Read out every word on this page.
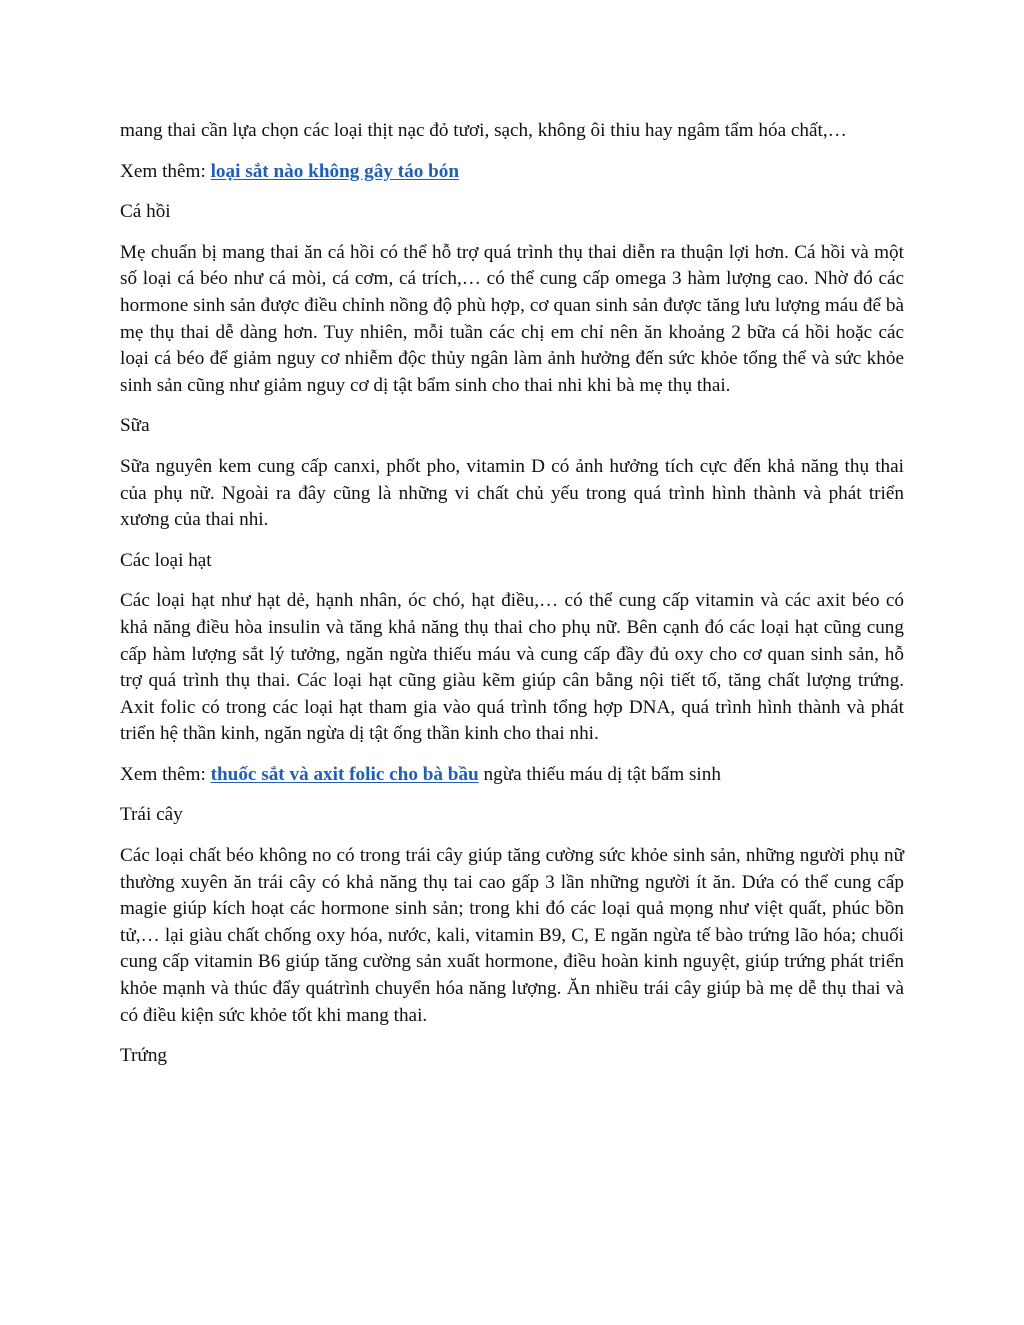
mang thai cần lựa chọn các loại thịt nạc đỏ tươi, sạch, không ôi thiu hay ngâm tẩm hóa chất,…

Xem thêm: loại sắt nào không gây táo bón

Cá hồi

Mẹ chuẩn bị mang thai ăn cá hồi có thể hỗ trợ quá trình thụ thai diễn ra thuận lợi hơn. Cá hồi và một số loại cá béo như cá mòi, cá cơm, cá trích,… có thể cung cấp omega 3 hàm lượng cao. Nhờ đó các hormone sinh sản được điều chỉnh nồng độ phù hợp, cơ quan sinh sản được tăng lưu lượng máu để bà mẹ thụ thai dễ dàng hơn. Tuy nhiên, mỗi tuần các chị em chỉ nên ăn khoảng 2 bữa cá hồi hoặc các loại cá béo để giảm nguy cơ nhiễm độc thủy ngân làm ảnh hưởng đến sức khỏe tổng thể và sức khỏe sinh sản cũng như giảm nguy cơ dị tật bẩm sinh cho thai nhi khi bà mẹ thụ thai.

Sữa

Sữa nguyên kem cung cấp canxi, phốt pho, vitamin D có ảnh hưởng tích cực đến khả năng thụ thai của phụ nữ. Ngoài ra đây cũng là những vi chất chủ yếu trong quá trình hình thành và phát triển xương của thai nhi.

Các loại hạt

Các loại hạt như hạt dẻ, hạnh nhân, óc chó, hạt điều,… có thể cung cấp vitamin và các axit béo có khả năng điều hòa insulin và tăng khả năng thụ thai cho phụ nữ. Bên cạnh đó các loại hạt cũng cung cấp hàm lượng sắt lý tưởng, ngăn ngừa thiếu máu và cung cấp đầy đủ oxy cho cơ quan sinh sản, hỗ trợ quá trình thụ thai. Các loại hạt cũng giàu kẽm giúp cân bằng nội tiết tố, tăng chất lượng trứng. Axit folic có trong các loại hạt tham gia vào quá trình tổng hợp DNA, quá trình hình thành và phát triển hệ thần kinh, ngăn ngừa dị tật ống thần kinh cho thai nhi.

Xem thêm: thuốc sắt và axit folic cho bà bầu ngừa thiếu máu dị tật bẩm sinh

Trái cây

Các loại chất béo không no có trong trái cây giúp tăng cường sức khỏe sinh sản, những người phụ nữ thường xuyên ăn trái cây có khả năng thụ tai cao gấp 3 lần những người ít ăn. Dứa có thể cung cấp magie giúp kích hoạt các hormone sinh sản; trong khi đó các loại quả mọng như việt quất, phúc bồn tử,… lại giàu chất chống oxy hóa, nước, kali, vitamin B9, C, E ngăn ngừa tế bào trứng lão hóa; chuối cung cấp vitamin B6 giúp tăng cường sản xuất hormone, điều hoàn kinh nguyệt, giúp trứng phát triển khỏe mạnh và thúc đẩy quátrình chuyển hóa năng lượng. Ăn nhiều trái cây giúp bà mẹ dễ thụ thai và có điều kiện sức khỏe tốt khi mang thai.

Trứng
